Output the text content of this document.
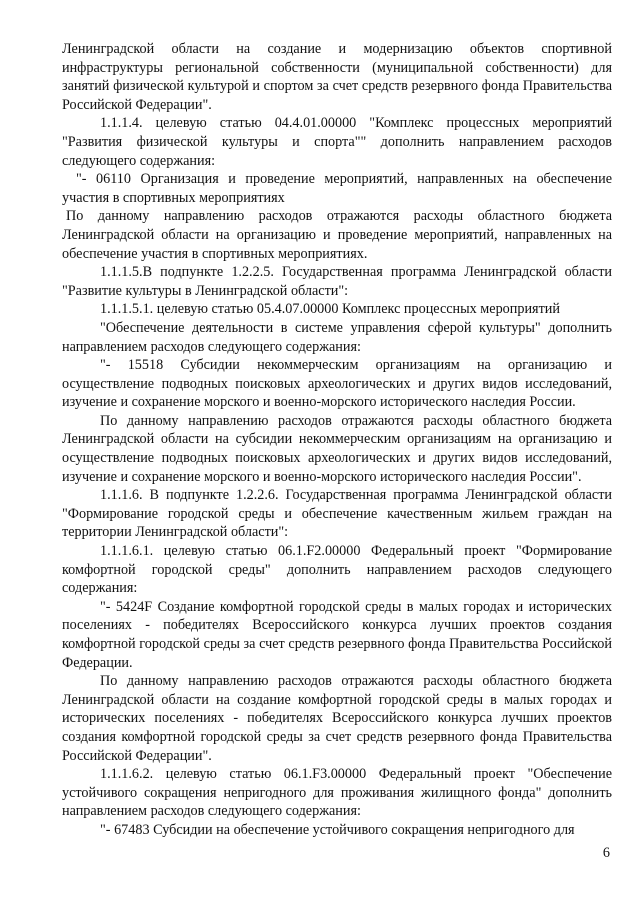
Ленинградской области на создание и модернизацию объектов спортивной инфраструктуры региональной собственности (муниципальной собственности) для занятий физической культурой и спортом за счет средств резервного фонда Правительства Российской Федерации".

1.1.1.4. целевую статью 04.4.01.00000 "Комплекс процессных мероприятий "Развития физической культуры и спорта"" дополнить направлением расходов следующего содержания:

"- 06110 Организация и проведение мероприятий, направленных на обеспечение участия в спортивных мероприятиях

По данному направлению расходов отражаются расходы областного бюджета Ленинградской области на организацию и проведение мероприятий, направленных на обеспечение участия в спортивных мероприятиях.

1.1.1.5.В подпункте 1.2.2.5. Государственная программа Ленинградской области "Развитие культуры в Ленинградской области":

1.1.1.5.1. целевую статью 05.4.07.00000 Комплекс процессных мероприятий

"Обеспечение деятельности в системе управления сферой культуры" дополнить направлением расходов следующего содержания:

"- 15518 Субсидии некоммерческим организациям на организацию и осуществление подводных поисковых археологических и других видов исследований, изучение и сохранение морского и военно-морского исторического наследия России.

По данному направлению расходов отражаются расходы областного бюджета Ленинградской области на субсидии некоммерческим организациям на организацию и осуществление подводных поисковых археологических и других видов исследований, изучение и сохранение морского и военно-морского исторического наследия России".

1.1.1.6. В подпункте 1.2.2.6. Государственная программа Ленинградской области "Формирование городской среды и обеспечение качественным жильем граждан на территории Ленинградской области":

1.1.1.6.1. целевую статью 06.1.F2.00000 Федеральный проект "Формирование комфортной городской среды" дополнить направлением расходов следующего содержания:

"- 5424F Создание комфортной городской среды в малых городах и исторических поселениях - победителях Всероссийского конкурса лучших проектов создания комфортной городской среды за счет средств резервного фонда Правительства Российской Федерации.

По данному направлению расходов отражаются расходы областного бюджета Ленинградской области на создание комфортной городской среды в малых городах и исторических поселениях - победителях Всероссийского конкурса лучших проектов создания комфортной городской среды за счет средств резервного фонда Правительства Российской Федерации".

1.1.1.6.2. целевую статью 06.1.F3.00000 Федеральный проект "Обеспечение устойчивого сокращения непригодного для проживания жилищного фонда" дополнить направлением расходов следующего содержания:

"- 67483 Субсидии на обеспечение устойчивого сокращения непригодного для

6
